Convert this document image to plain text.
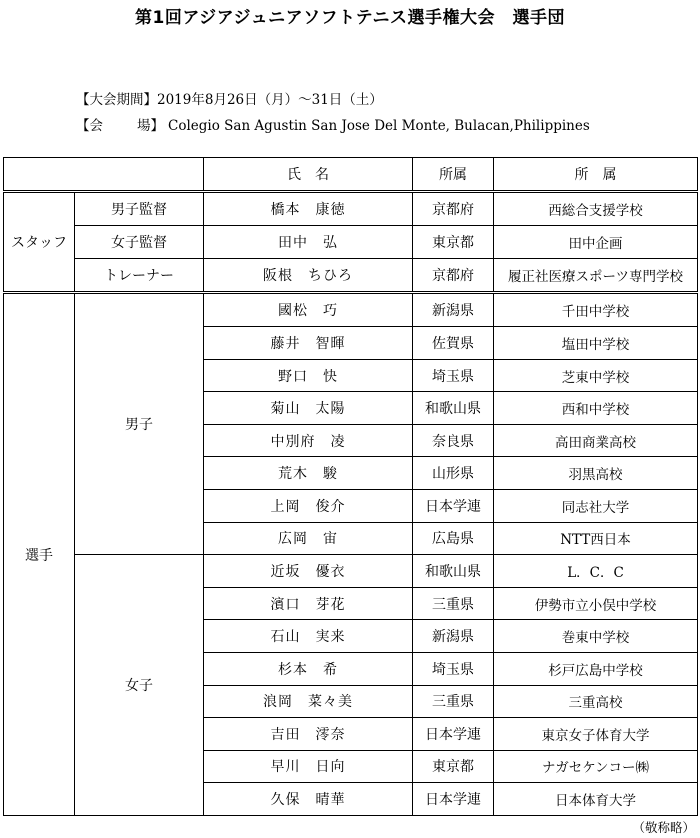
第1回アジアジュニアソフトテニス選手権大会　選手団
【大会期間】2019年8月26日（月）～31日（土）
【会	場】 Colegio San Agustin San Jose Del Monte, Bulacan,Philippines
		氏　名	所属	所　属
スタッフ	男子監督	橋本　康徳	京都府	西総合支援学校
	女子監督	田中　弘	東京都	田中企画
	トレーナー	阪根　ちひろ	京都府	履正社医療スポーツ専門学校
選手	男子	國松　巧	新潟県	千田中学校
		藤井　智暉	佐賀県	塩田中学校
		野口　快	埼玉県	芝東中学校
		菊山　太陽	和歌山県	西和中学校
		中別府　凌	奈良県	高田商業高校
		荒木　駿	山形県	羽黒高校
		上岡　俊介	日本学連	同志社大学
		広岡　宙	広島県	NTT西日本
	女子	近坂　優衣	和歌山県	L．C．C
		濱口　芽花	三重県	伊勢市立小俣中学校
		石山　実来	新潟県	巻東中学校
		杉本　希	埼玉県	杉戸広島中学校
		浪岡　菜々美	三重県	三重高校
		吉田　澪奈	日本学連	東京女子体育大学
		早川　日向	東京都	ナガセケンコー㈱
		久保　晴華	日本学連	日本体育大学
（敬称略）
